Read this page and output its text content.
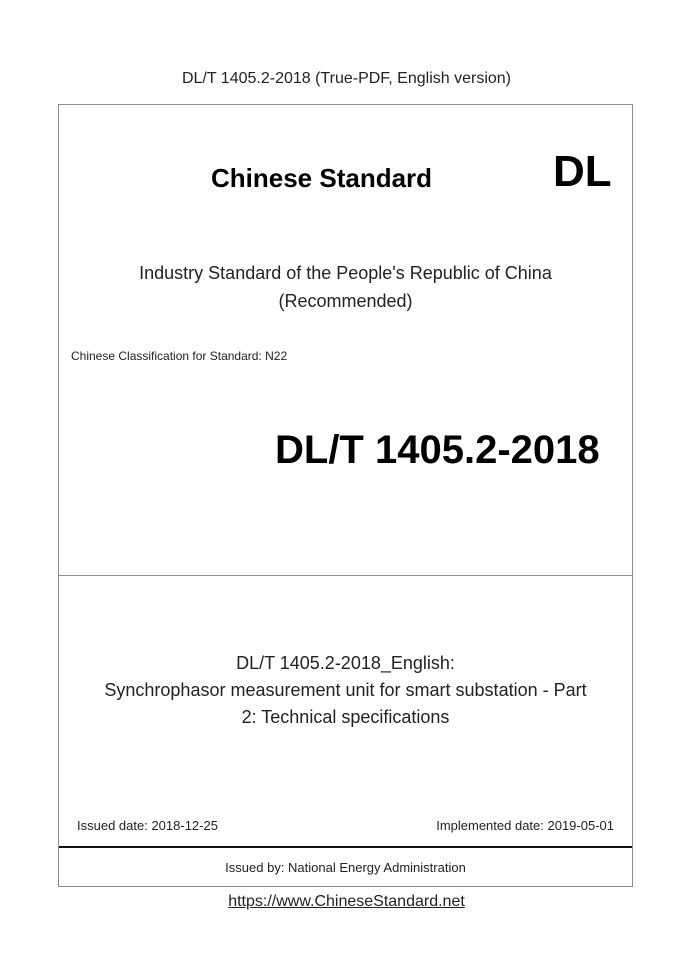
DL/T 1405.2-2018 (True-PDF, English version)
Chinese Standard	DL
Industry Standard of the People's Republic of China
(Recommended)
Chinese Classification for Standard: N22
DL/T 1405.2-2018
DL/T 1405.2-2018_English:
Synchrophasor measurement unit for smart substation - Part
2: Technical specifications
Issued date: 2018-12-25	Implemented date: 2019-05-01
Issued by: National Energy Administration
https://www.ChineseStandard.net
